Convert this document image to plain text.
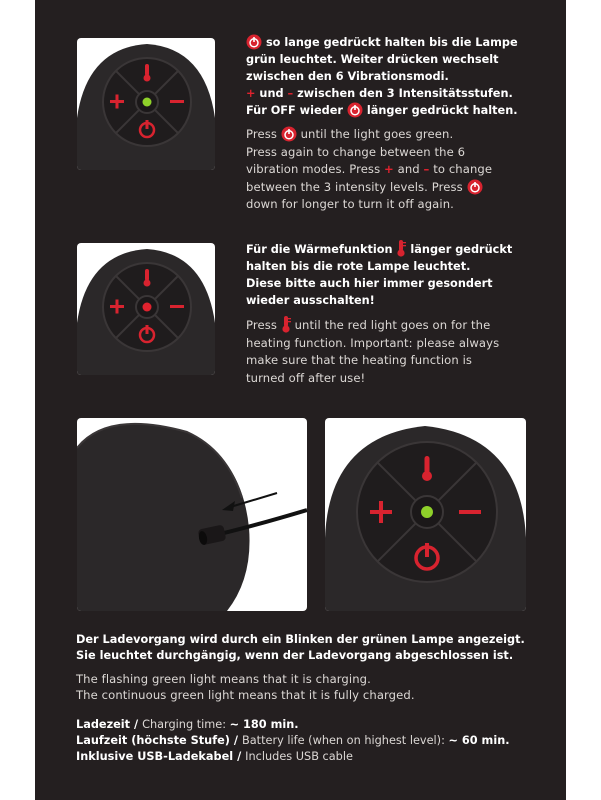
so lange gedrückt halten bis die Lampe
grün leuchtet. Weiter drücken wechselt
zwischen den 6 Vibrationsmodi.
+ und – zwischen den 3 Intensitätsstufen.
Für OFF wieder
länger gedrückt halten.
Press
until the light goes green.
Press again to change between the 6
vibration modes. Press + and – to change
between the 3 intensity levels. Press

down for longer to turn it off again.
Für die Wärmefunktion
länger gedrückt
halten bis die rote Lampe leuchtet.
Diese bitte auch hier immer gesondert
wieder ausschalten!
Press
until the red light goes on for the
heating function. Important: please always
make sure that the heating function is
turned off after use!
Der Ladevorgang wird durch ein Blinken der grünen Lampe angezeigt.
Sie leuchtet durchgängig, wenn der Ladevorgang abgeschlossen ist.
The flashing green light means that it is charging.
The continuous green light means that it is fully charged.
Ladezeit / Charging time: ~ 180 min.
Laufzeit (höchste Stufe) / Battery life (when on highest level): ~ 60 min.
Inklusive USB-Ladekabel / Includes USB cable
